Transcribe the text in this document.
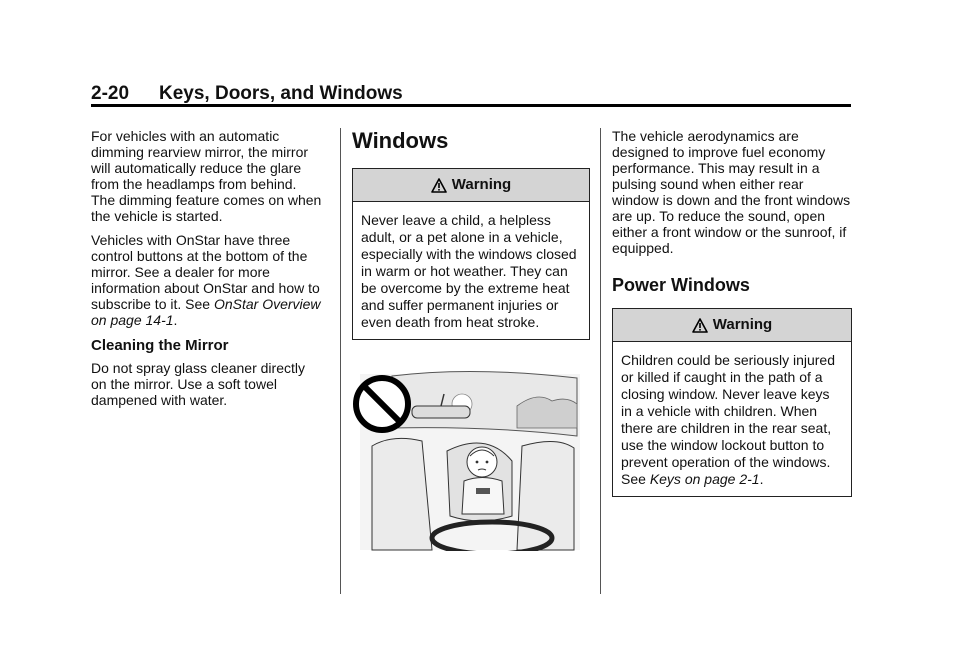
2-20 Keys, Doors, and Windows

For vehicles with an automatic dimming rearview mirror, the mirror will automatically reduce the glare from the headlamps from behind. The dimming feature comes on when the vehicle is started.

Vehicles with OnStar have three control buttons at the bottom of the mirror. See a dealer for more information about OnStar and how to subscribe to it. See OnStar Overview on page 14-1.

Cleaning the Mirror

Do not spray glass cleaner directly on the mirror. Use a soft towel dampened with water.

Windows
Warning
Never leave a child, a helpless adult, or a pet alone in a vehicle, especially with the windows closed in warm or hot weather. They can be overcome by the extreme heat and suffer permanent injuries or even death from heat stroke.

The vehicle aerodynamics are designed to improve fuel economy performance. This may result in a pulsing sound when either rear window is down and the front windows are up. To reduce the sound, open either a front window or the sunroof, if equipped.

Power Windows
Warning
Children could be seriously injured or killed if caught in the path of a closing window. Never leave keys in a vehicle with children. When there are children in the rear seat, use the window lockout button to prevent operation of the windows. See Keys on page 2-1.
